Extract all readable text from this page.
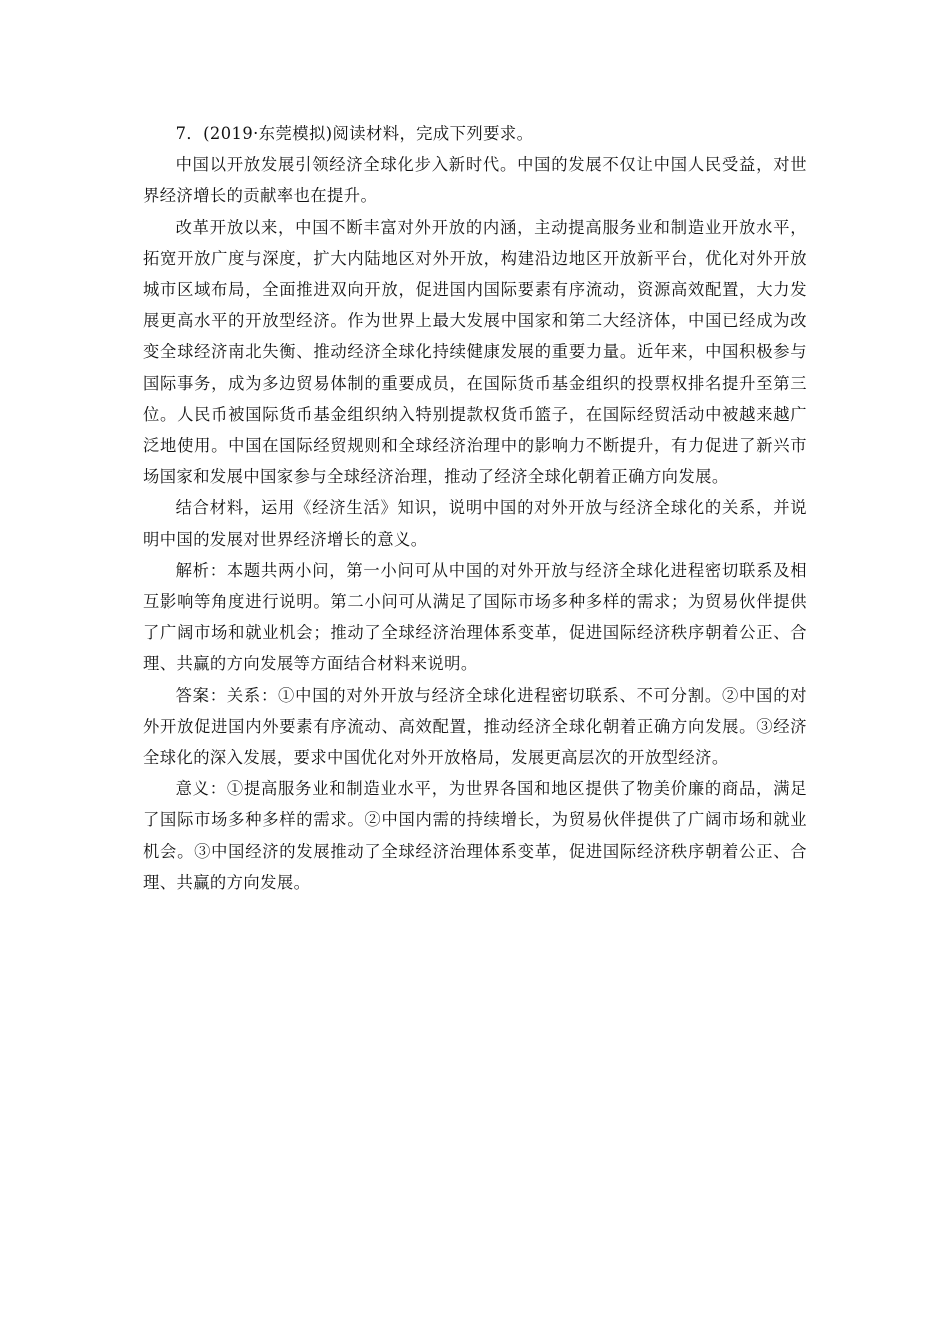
7．(2019·东莞模拟)阅读材料，完成下列要求。

中国以开放发展引领经济全球化步入新时代。中国的发展不仅让中国人民受益，对世界经济增长的贡献率也在提升。

改革开放以来，中国不断丰富对外开放的内涵，主动提高服务业和制造业开放水平，拓宽开放广度与深度，扩大内陆地区对外开放，构建沿边地区开放新平台，优化对外开放城市区域布局，全面推进双向开放，促进国内国际要素有序流动，资源高效配置，大力发展更高水平的开放型经济。作为世界上最大发展中国家和第二大经济体，中国已经成为改变全球经济南北失衡、推动经济全球化持续健康发展的重要力量。近年来，中国积极参与国际事务，成为多边贸易体制的重要成员，在国际货币基金组织的投票权排名提升至第三位。人民币被国际货币基金组织纳入特别提款权货币篮子，在国际经贸活动中被越来越广泛地使用。中国在国际经贸规则和全球经济治理中的影响力不断提升，有力促进了新兴市场国家和发展中国家参与全球经济治理，推动了经济全球化朝着正确方向发展。

结合材料，运用《经济生活》知识，说明中国的对外开放与经济全球化的关系，并说明中国的发展对世界经济增长的意义。

解析：本题共两小问，第一小问可从中国的对外开放与经济全球化进程密切联系及相互影响等角度进行说明。第二小问可从满足了国际市场多种多样的需求；为贸易伙伴提供了广阔市场和就业机会；推动了全球经济治理体系变革，促进国际经济秩序朝着公正、合理、共赢的方向发展等方面结合材料来说明。

答案：关系：①中国的对外开放与经济全球化进程密切联系、不可分割。②中国的对外开放促进国内外要素有序流动、高效配置，推动经济全球化朝着正确方向发展。③经济全球化的深入发展，要求中国优化对外开放格局，发展更高层次的开放型经济。

意义：①提高服务业和制造业水平，为世界各国和地区提供了物美价廉的商品，满足了国际市场多种多样的需求。②中国内需的持续增长，为贸易伙伴提供了广阔市场和就业机会。③中国经济的发展推动了全球经济治理体系变革，促进国际经济秩序朝着公正、合理、共赢的方向发展。
